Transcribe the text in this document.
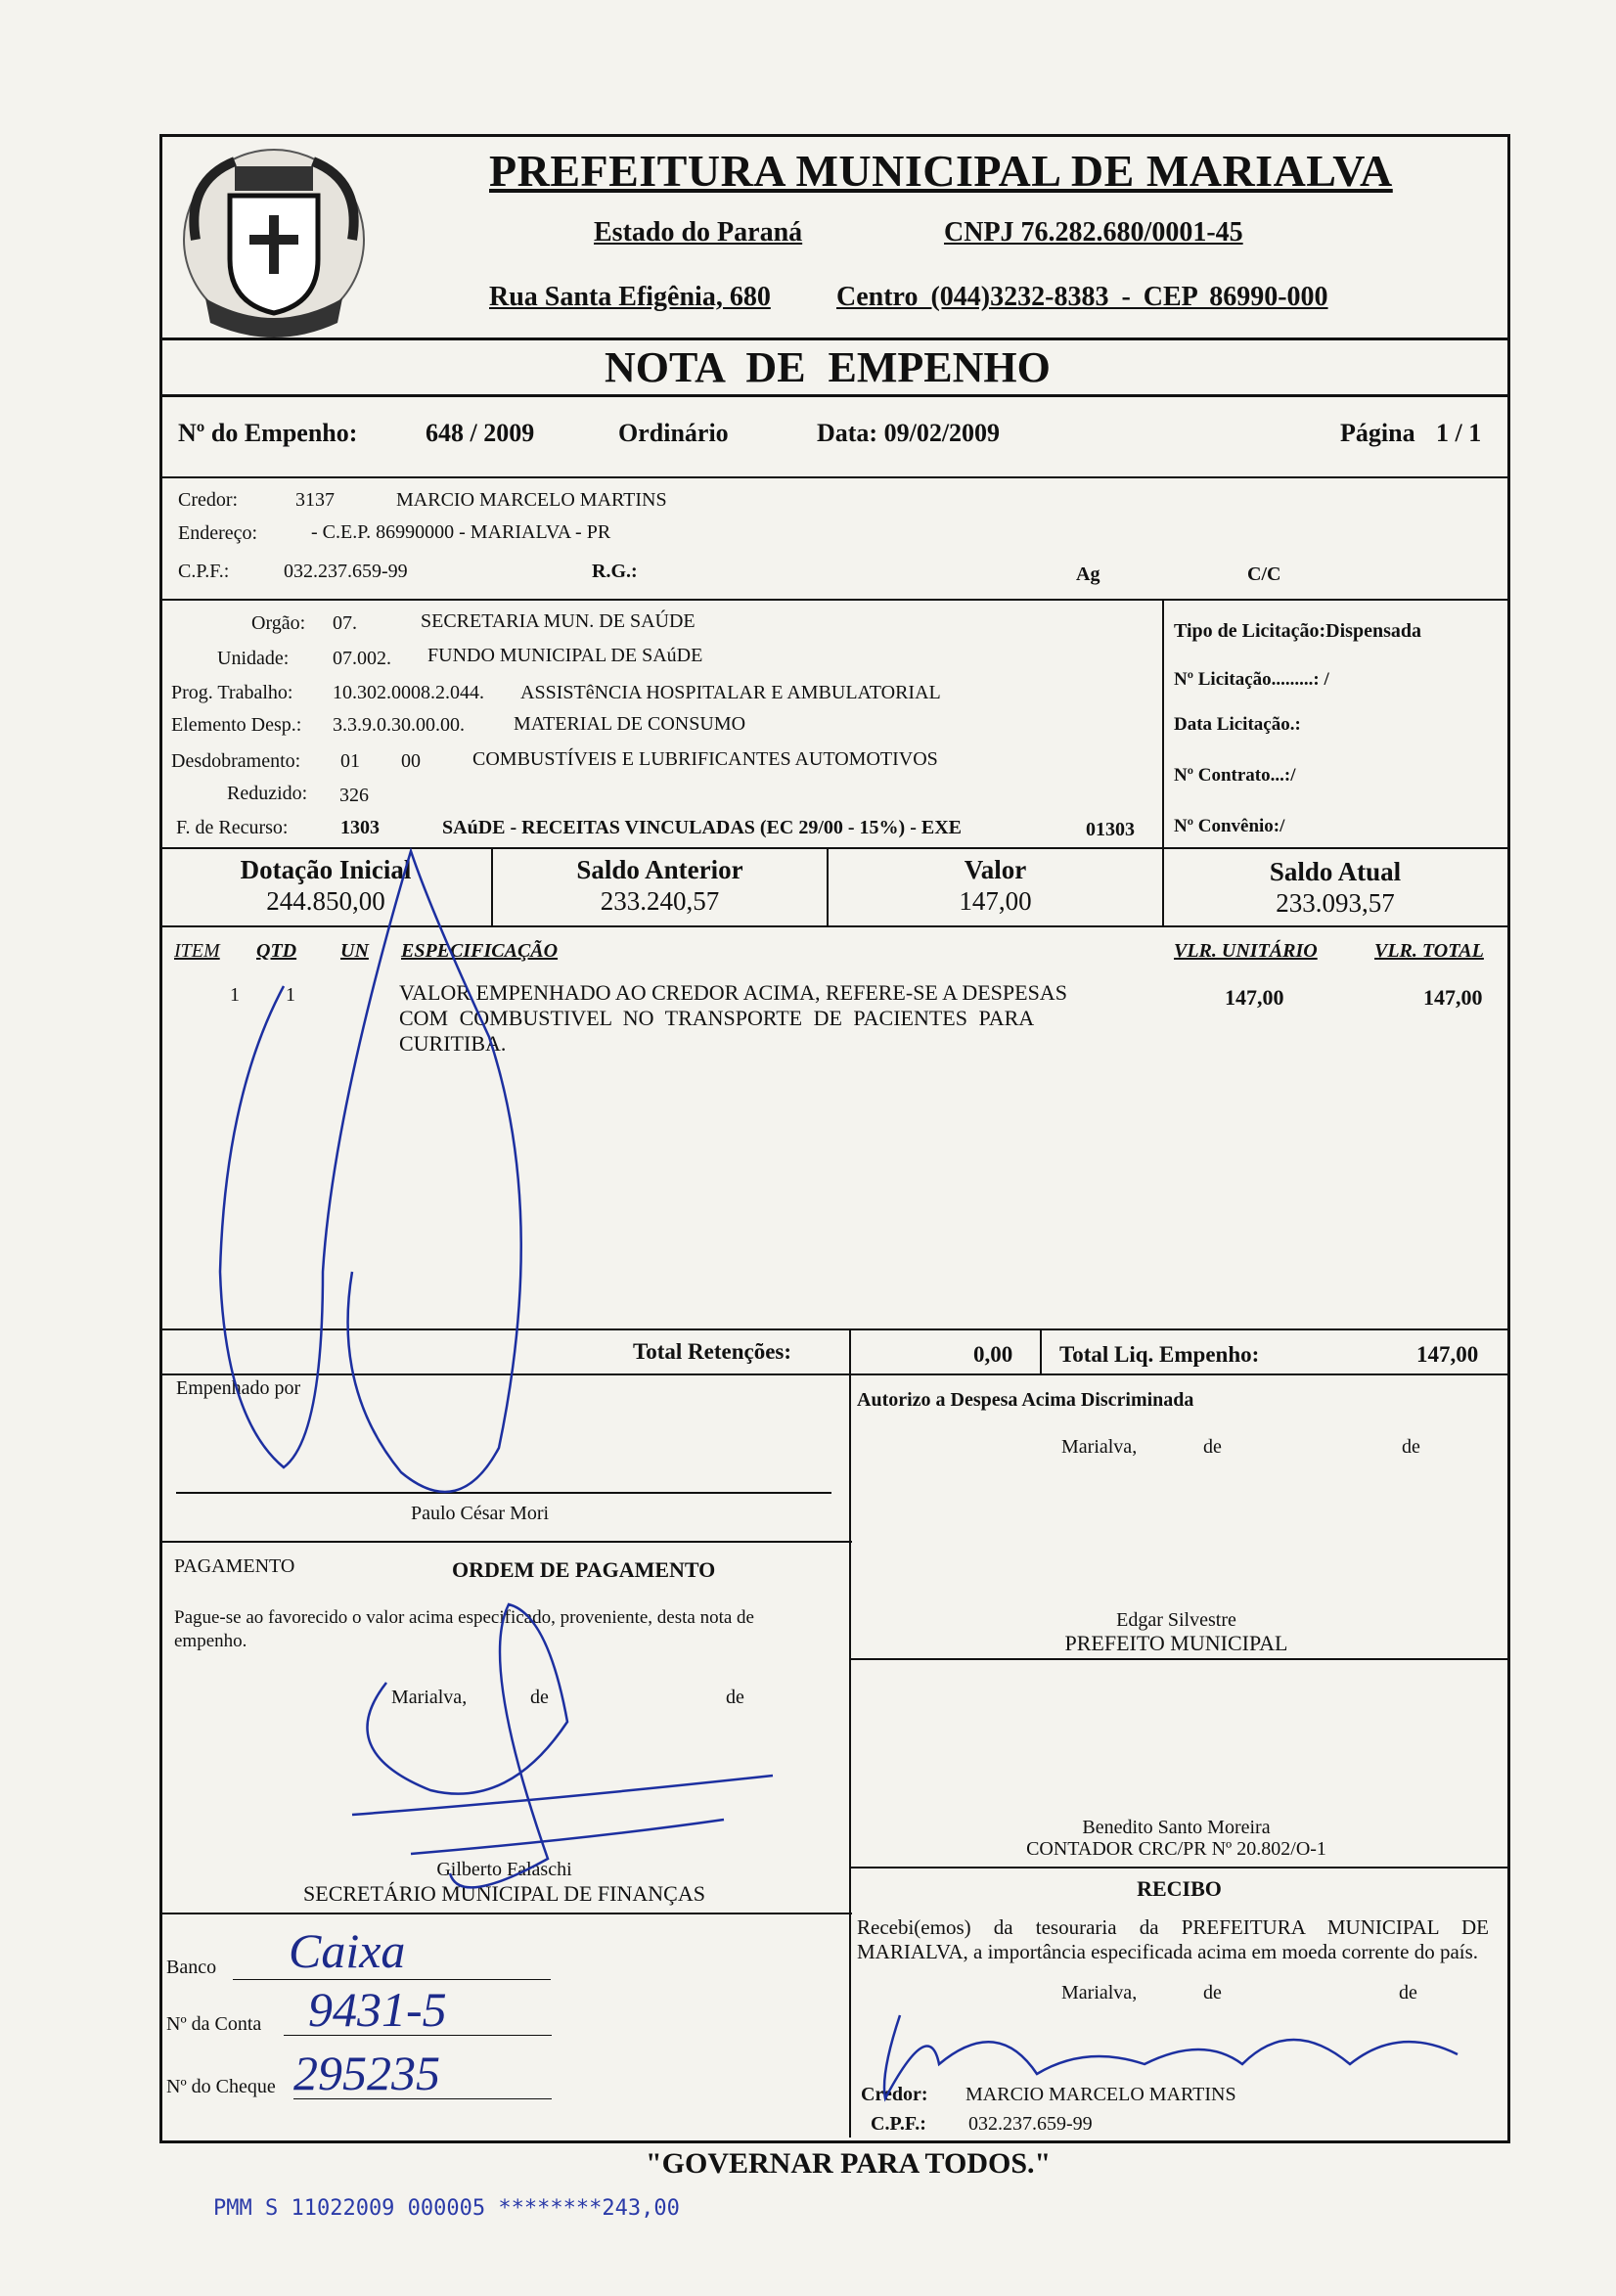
PREFEITURA MUNICIPAL DE MARIALVA
Estado do Paraná	CNPJ 76.282.680/0001-45
Rua Santa Efigênia, 680 Centro (044)3232-8383 - CEP 86990-000
NOTA DE EMPENHO
Nº do Empenho:	648 / 2009	Ordinário	Data: 09/02/2009	Página 1 / 1
Credor:	3137	MARCIO MARCELO MARTINS
Endereço:	- C.E.P. 86990000 - MARIALVA - PR
C.P.F.:	032.237.659-99	R.G.:	Ag	C/C
Orgão: 07.	SECRETARIA MUN. DE SAÚDE
Unidade: 07.002. FUNDO MUNICIPAL DE SAúDE
Prog. Trabalho: 10.302.0008.2.044. ASSISTêNCIA HOSPITALAR E AMBULATORIAL
Elemento Desp.: 3.3.9.0.30.00.00.	MATERIAL DE CONSUMO
Desdobramento: 01 00	COMBUSTÍVEIS E LUBRIFICANTES AUTOMOTIVOS
Reduzido: 326
F. de Recurso:	1303	SAúDE - RECEITAS VINCULADAS (EC 29/00 - 15%) - EXE	01303
Tipo de Licitação:Dispensada
Nº Licitação.........: /
Data Licitação.:
Nº Contrato...:/
Nº Convênio:/
Dotação Inicial
244.850,00
Saldo Anterior
233.240,57
Valor
147,00
Saldo Atual
233.093,57
ITEM QTD UN ESPECIFICAÇÃO	VLR. UNITÁRIO	VLR. TOTAL
1 1	VALOR EMPENHADO AO CREDOR ACIMA, REFERE-SE A DESPESAS
COM COMBUSTIVEL NO TRANSPORTE DE PACIENTES PARA
CURITIBA.
147,00	147,00
Total Retenções:	0,00 Total Liq. Empenho:	147,00
Empenhado por
Paulo César Mori
Autorizo a Despesa Acima Discriminada
Marialva,	de	de
PAGAMENTO	ORDEM DE PAGAMENTO
Pague-se ao favorecido o valor acima especificado, proveniente, desta nota de empenho.
Edgar Silvestre
PREFEITO MUNICIPAL
Marialva,	de	de
Benedito Santo Moreira
CONTADOR CRC/PR Nº 20.802/O-1
Gilberto Falaschi
SECRETÁRIO MUNICIPAL DE FINANÇAS	RECIBO
Recebi(emos) da tesouraria da PREFEITURA MUNICIPAL DE MARIALVA, a importância especificada acima em moeda corrente do país.
Marialva,	de	de
Credor: MARCIO MARCELO MARTINS
C.P.F.: 032.237.659-99
Banco Caixa
Nº da Conta 9431-5
Nº do Cheque 295235
"GOVERNAR PARA TODOS."
PMM S 11022009 000005 ********243,00
